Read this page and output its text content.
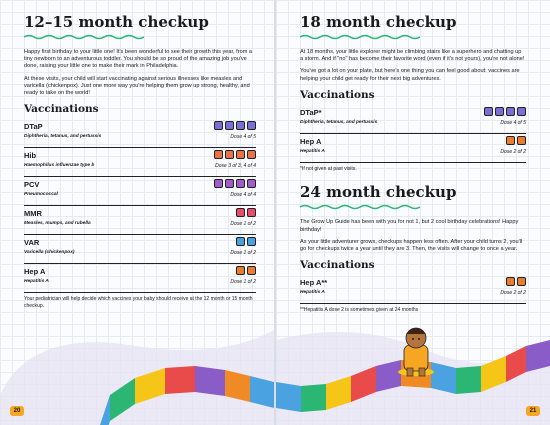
12–15 month checkup

Happy first birthday to your little one! It's been wonderful to see their growth this year, from a tiny newborn to an adventurous toddler. You should be so proud of the amazing job you've done, raising your little one to make their mark in Philadelphia.

At these visits, your child will start vaccinating against serious illnesses like measles and varicella (chickenpox). Just one more way you're helping them grow up strong, healthy, and ready to take on the world!

Vaccinations
DTaP
Diphtheria, tetanus, and pertussis	Dose 4 of 5
Hib
Haemophilus influenzae type b	Dose 3 of 3, 4 of 4
PCV
Pneumococcal	Dose 4 of 4
MMR
Measles, mumps, and rubella	Dose 1 of 2
VAR
Varicella (chickenpox)	Dose 1 of 2
Hep A
Hepatitis A	Dose 1 of 2

Your pediatrician will help decide which vaccines your baby should receive at the 12 month or 15 month checkup.

20
18 month checkup

At 18 months, your little explorer might be climbing stairs like a superhero and chatting up a storm. And if "no" has become their favorite word (even if it's not yours), you're not alone!

You've got a lot on your plate, but here's one thing you can feel good about: vaccines are helping your child get ready for their next big adventures.

Vaccinations
DTaP*
Diphtheria, tetanus, and pertussis	Dose 4 of 5
Hep A
Hepatitis A	Dose 2 of 2

*If not given at past visits.

24 month checkup

The Grow Up Guide has been with you for not 1, but 2 cool birthday celebrations! Happy birthday!

As your little adventurer grows, checkups happen less often. After your child turns 2, you'll go for checkups twice a year until they are 3. Then, the visits will change to once a year.

Vaccinations
Hep A**
Hepatitis A	Dose 2 of 2

**Hepatitis A dose 2 is sometimes given at 24 months

21
